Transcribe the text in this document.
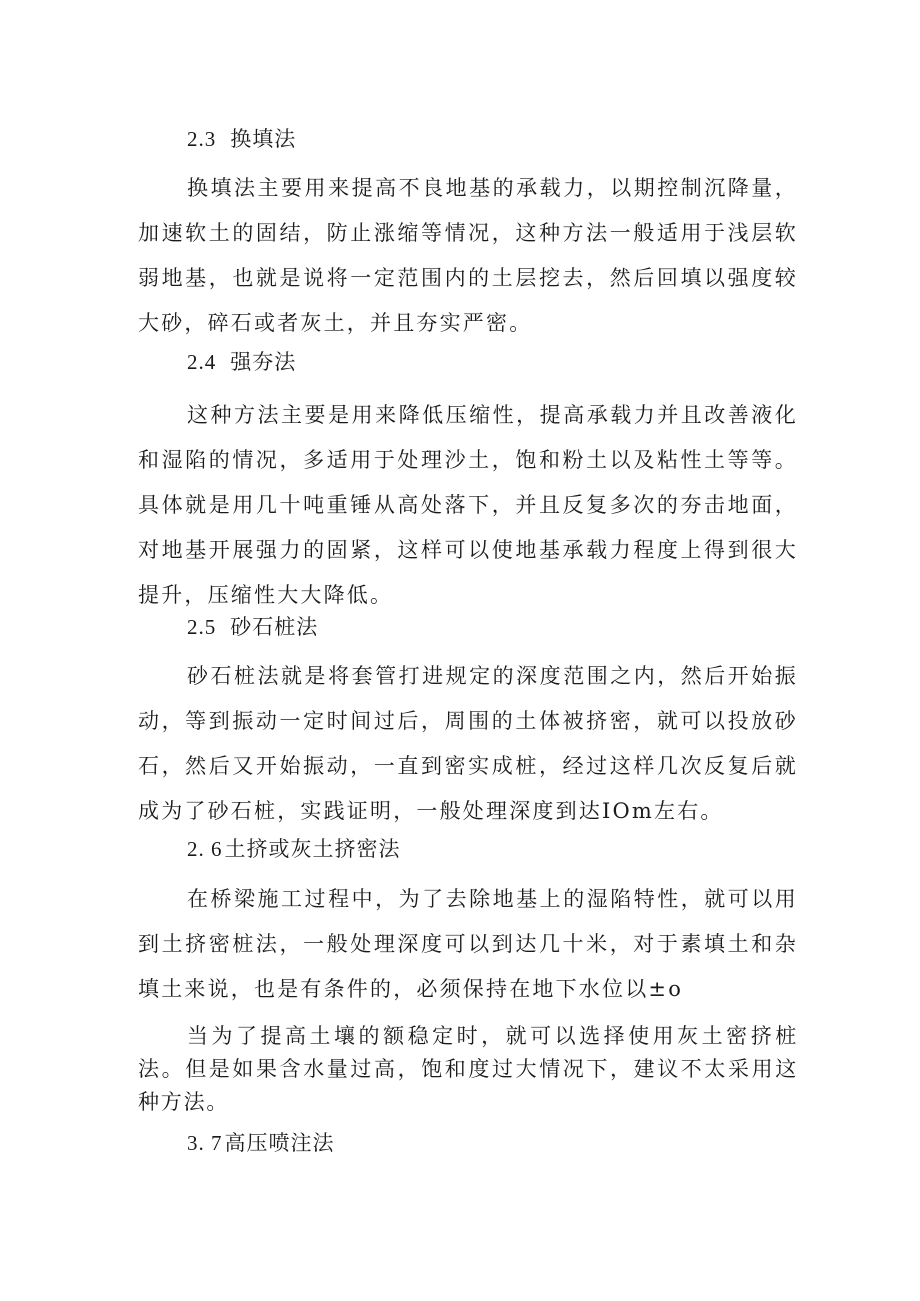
2.3 换填法

换填法主要用来提高不良地基的承载力，以期控制沉降量，加速软土的固结，防止涨缩等情况，这种方法一般适用于浅层软弱地基，也就是说将一定范围内的土层挖去，然后回填以强度较大砂，碎石或者灰土，并且夯实严密。

2.4 强夯法

这种方法主要是用来降低压缩性，提高承载力并且改善液化和湿陷的情况，多适用于处理沙土，饱和粉土以及粘性土等等。具体就是用几十吨重锤从高处落下，并且反复多次的夯击地面，对地基开展强力的固紧，这样可以使地基承载力程度上得到很大提升，压缩性大大降低。

2.5 砂石桩法

砂石桩法就是将套管打进规定的深度范围之内，然后开始振动，等到振动一定时间过后，周围的土体被挤密，就可以投放砂石，然后又开始振动，一直到密实成桩，经过这样几次反复后就成为了砂石桩，实践证明，一般处理深度到达IOm左右。

2. 6土挤或灰土挤密法

在桥梁施工过程中，为了去除地基上的湿陷特性，就可以用到土挤密桩法，一般处理深度可以到达几十米，对于素填土和杂填土来说，也是有条件的，必须保持在地下水位以±o

当为了提高土壤的额稳定时，就可以选择使用灰土密挤桩法。但是如果含水量过高，饱和度过大情况下，建议不太采用这种方法。

3. 7高压喷注法
